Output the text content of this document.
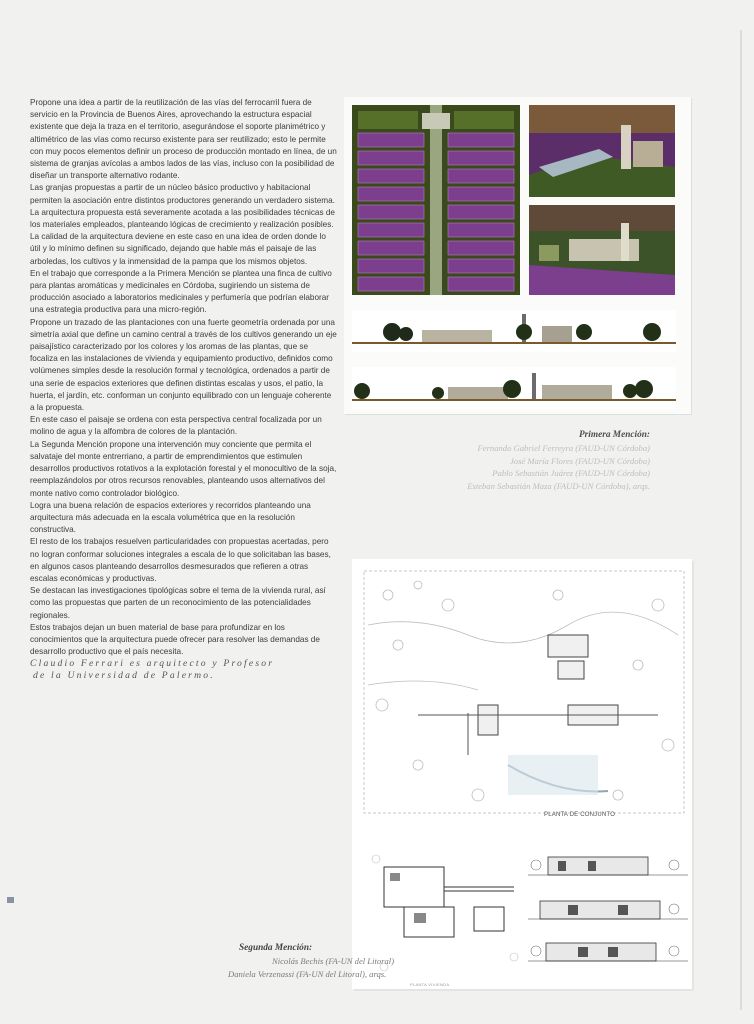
Propone una idea a partir de la reutilización de las vías del ferrocarril fuera de servicio en la Provincia de Buenos Aires, aprovechando la estructura espacial existente que deja la traza en el territorio, asegurándose el soporte planimétrico y altimétrico de las vías como recurso existente para ser reutilizado; esto le permite con muy pocos elementos definir un proceso de producción montado en línea, de un sistema de granjas avícolas a ambos lados de las vías, incluso con la posibilidad de diseñar un transporte alternativo rodante.

Las granjas propuestas a partir de un núcleo básico productivo y habitacional permiten la asociación entre distintos productores generando un verdadero sistema.

La arquitectura propuesta está severamente acotada a las posibilidades técnicas de los materiales empleados, planteando lógicas de crecimiento y realización posibles.

La calidad de la arquitectura deviene en este caso en una idea de orden donde lo útil y lo mínimo definen su significado, dejando que hable más el paisaje de las arboledas, los cultivos y la inmensidad de la pampa que los mismos objetos.

En el trabajo que corresponde a la Primera Mención se plantea una finca de cultivo para plantas aromáticas y medicinales en Córdoba, sugiriendo un sistema de producción asociado a laboratorios medicinales y perfumería que podrían elaborar una estrategia productiva para una micro-región.

Propone un trazado de las plantaciones con una fuerte geometría ordenada por una simetría axial que define un camino central a través de los cultivos generando un eje paisajístico caracterizado por los colores y los aromas de las plantas, que se focaliza en las instalaciones de vivienda y equipamiento productivo, definidos como volúmenes simples desde la resolución formal y tecnológica, ordenados a partir de una serie de espacios exteriores que definen distintas escalas y usos, el patio, la huerta, el jardín, etc. conforman un conjunto equilibrado con un lenguaje coherente a la propuesta.

En este caso el paisaje se ordena con esta perspectiva central focalizada por un molino de agua y la alfombra de colores de la plantación.

La Segunda Mención propone una intervención muy conciente que permita el salvataje del monte entrerriano, a partir de emprendimientos que estimulen desarrollos productivos rotativos a la explotación forestal y el monocultivo de la soja, reemplazándolos por otros recursos renovables, planteando usos alternativos del monte nativo como controlador biológico.

Logra una buena relación de espacios exteriores y recorridos planteando una arquitectura más adecuada en la escala volumétrica que en la resolución constructiva.

El resto de los trabajos resuelven particularidades con propuestas acertadas, pero no logran conformar soluciones integrales a escala de lo que solicitaban las bases, en algunos casos planteando desarrollos desmesurados que refieren a otras escalas económicas y productivas.

Se destacan las investigaciones tipológicas sobre el tema de la vivienda rural, así como las propuestas que parten de un reconocimiento de las potencialidades regionales.

Estos trabajos dejan un buen material de base para profundizar en los conocimientos que la arquitectura puede ofrecer para resolver las demandas de desarrollo productivo que el país necesita.

Claudio Ferrari es arquitecto y Profesor

de la Universidad de Palermo.

Primera Mención:
Fernando Gabriel Ferreyra (FAUD-UN Córdoba)
José María Flores (FAUD-UN Córdoba)
Pablo Sebastián Juárez (FAUD-UN Córdoba)
Esteban Sebastián Maza (FAUD-UN Córdoba), arqs.
PLANTA DE CONJUNTO
PLANTA VIVIENDA
Segunda Mención:
Nicolás Bechis (FA-UN del Litoral)
Daniela Verzenassi (FA-UN del Litoral), arqs.
